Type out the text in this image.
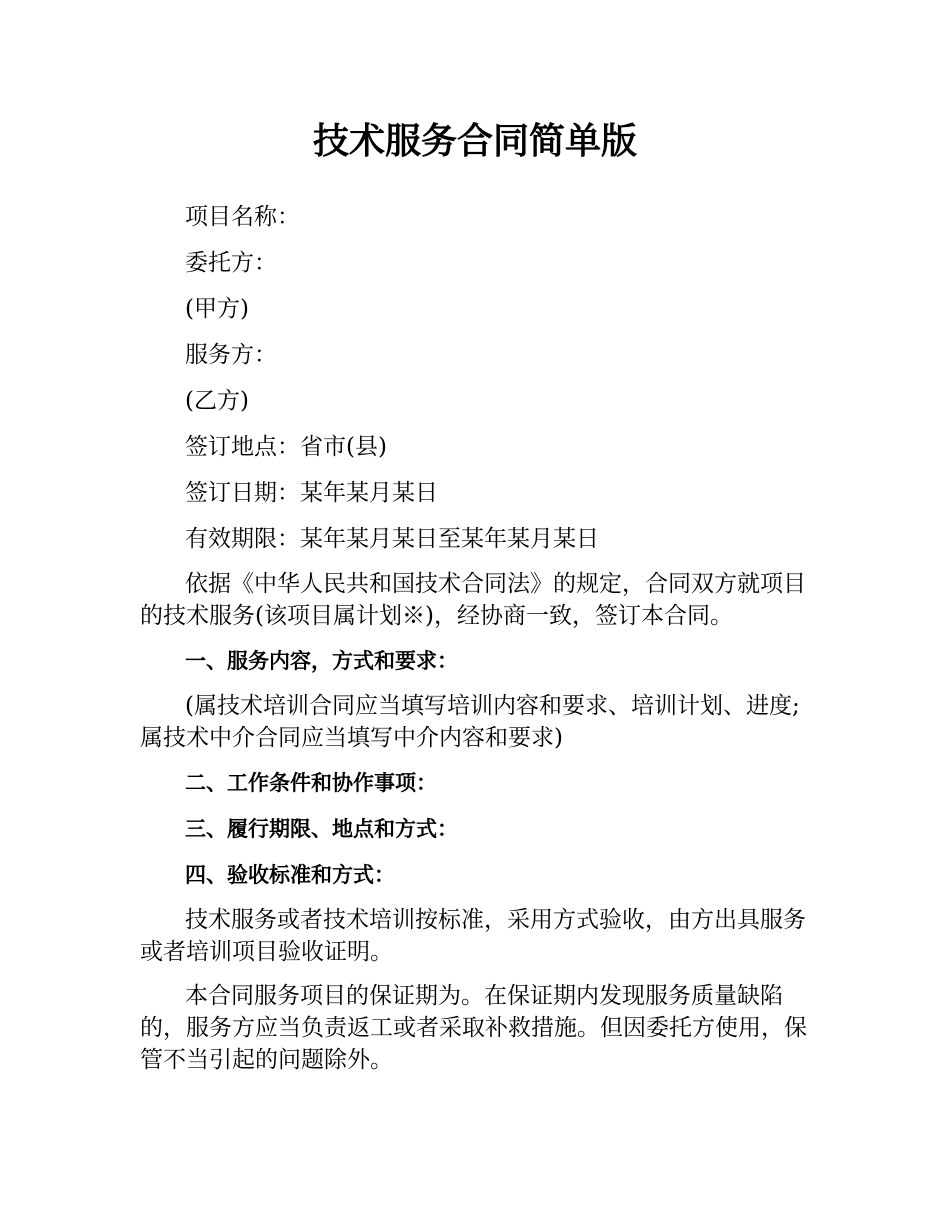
技术服务合同简单版
项目名称：
委托方：
(甲方)
服务方：
(乙方)
签订地点：省市(县)
签订日期：某年某月某日
有效期限：某年某月某日至某年某月某日

依据《中华人民共和国技术合同法》的规定，合同双方就项目的技术服务(该项目属计划※)，经协商一致，签订本合同。

一、服务内容，方式和要求：

(属技术培训合同应当填写培训内容和要求、培训计划、进度;属技术中介合同应当填写中介内容和要求)

二、工作条件和协作事项：
三、履行期限、地点和方式：
四、验收标准和方式：

技术服务或者技术培训按标准，采用方式验收，由方出具服务或者培训项目验收证明。

本合同服务项目的保证期为。在保证期内发现服务质量缺陷的，服务方应当负责返工或者采取补救措施。但因委托方使用，保管不当引起的问题除外。
